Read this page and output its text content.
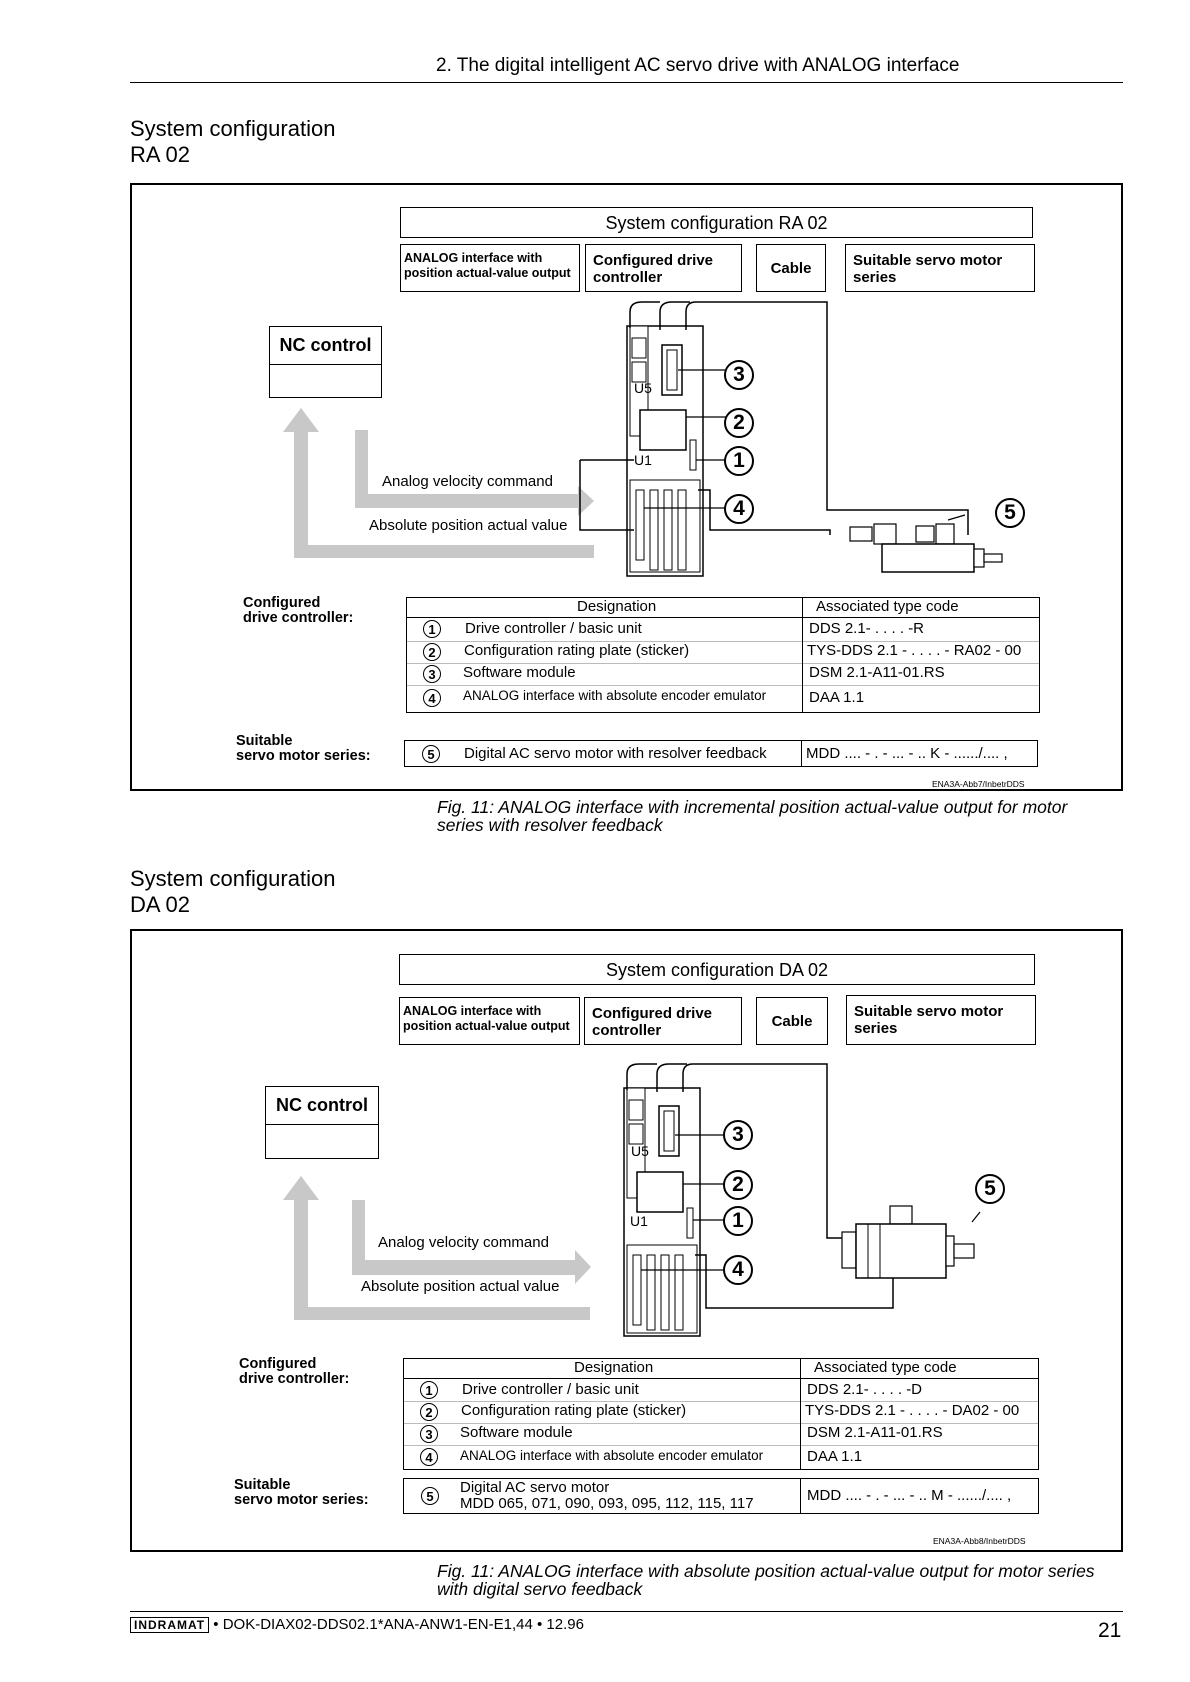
2. The digital intelligent AC servo drive with ANALOG interface
System configuration
RA 02
System configuration RA 02
ANALOG interface with position actual-value output
Configured drive controller
Cable	Suitable servo motor series
NC control
U5
U1
Analog velocity command
Absolute position actual value
3
2
1
4	5
Configured
drive controller:
Designation	Associated type code
1	Drive controller / basic unit	DDS 2.1- . . . . -R
2	Configuration rating plate (sticker)	TYS-DDS 2.1 - . . . . - RA02 - 00
3	Software module	DSM 2.1-A11-01.RS
4	ANALOG interface with absolute encoder emulator	DAA 1.1
Suitable
servo motor series:	5	Digital AC servo motor with resolver feedback	MDD .... - . - ... - .. K - ....../.... ,
ENA3A-Abb7/InbetrDDS
Fig. 11: ANALOG interface with incremental position actual-value output for motor
series with resolver feedback
System configuration
DA 02
System configuration DA 02
ANALOG interface with position actual-value output
Configured drive controller
Cable
Suitable servo motor series
NC control
U5
U1
Analog velocity command
Absolute position actual value
3
2
1
4
5
Configured
drive controller:
Designation	Associated type code
1	Drive controller / basic unit	DDS 2.1- . . . . -D
2	Configuration rating plate (sticker)	TYS-DDS 2.1 - . . . . - DA02 - 00
3	Software module	DSM 2.1-A11-01.RS
4	ANALOG interface with absolute encoder emulator	DAA 1.1
Suitable
servo motor series:	5	Digital AC servo motor
MDD 065, 071, 090, 093, 095, 112, 115, 117	MDD .... - . - ... - .. M - ....../.... ,
ENA3A-Abb8/InbetrDDS
Fig. 11: ANALOG interface with absolute position actual-value output for motor series
with digital servo feedback
INDRAMAT • DOK-DIAX02-DDS02.1*ANA-ANW1-EN-E1,44 • 12.96	21
